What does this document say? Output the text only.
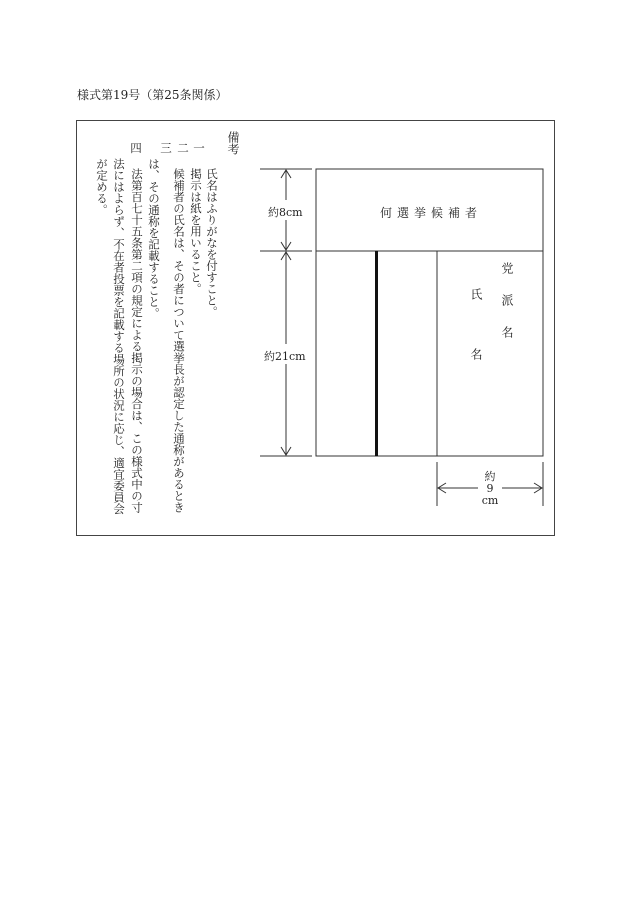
様式第19号（第25条関係）
備考
一
氏名はふりがなを付すこと。
二
掲示は紙を用いること。
三
候補者の氏名は、その者について選挙長が認定した通称があるとき
は、その通称を記載すること。
四
法第百七十五条第二項の規定による掲示の場合は、この様式中の寸
法にはよらず、不在者投票を記載する場所の状況に応じ、適宜委員会
が定める。	約8cm
約21cm
何選挙候補者
氏名 党派名
約
9
cm
